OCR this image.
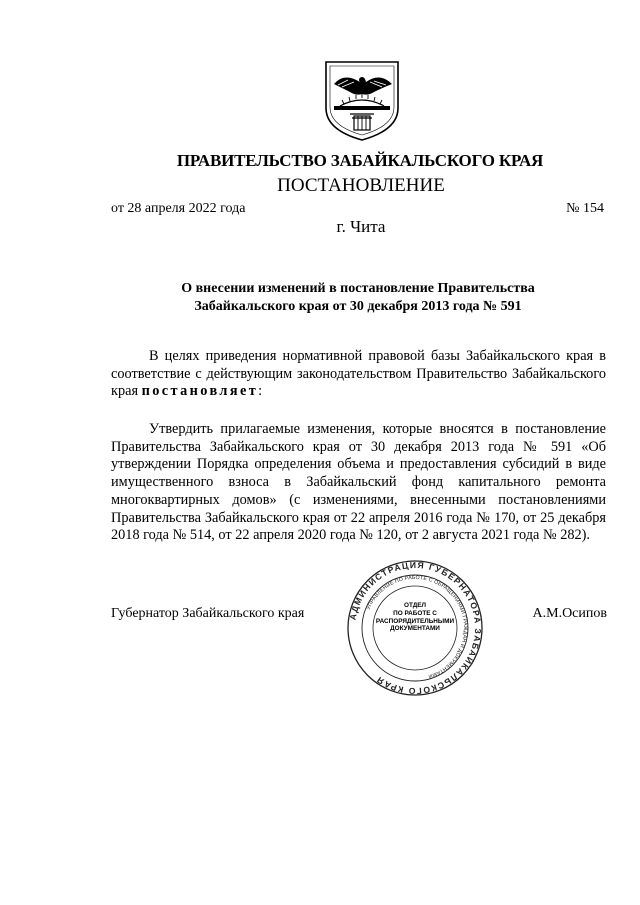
ПРАВИТЕЛЬСТВО ЗАБАЙКАЛЬСКОГО КРАЯ
ПОСТАНОВЛЕНИЕ
от 28 апреля 2022 года	№ 154
г. Чита
О внесении изменений в постановление Правительства
Забайкальского края от 30 декабря 2013 года № 591
В целях приведения нормативной правовой базы Забайкальского края в соответствие с действующим законодательством Правительство Забайкальского края постановляет:
Утвердить прилагаемые изменения, которые вносятся в постановление Правительства Забайкальского края от 30 декабря 2013 года № 591 «Об утверждении Порядка определения объема и предоставления субсидий в виде имущественного взноса в Забайкальский фонд капитального ремонта многоквартирных домов» (с изменениями, внесенными постановлениями Правительства Забайкальского края от 22 апреля 2016 года № 170, от 25 декабря 2018 года № 514, от 22 апреля 2020 года № 120, от 2 августа 2021 года № 282).
Губернатор Забайкальского края	А.М.Осипов
АДМИНИСТРАЦИЯ ГУБЕРНАТОРА ЗАБАЙКАЛЬСКОГО КРАЯ
УПРАВЛЕНИЕ ПО РАБОТЕ С ОБРАЩЕНИЯМИ ГРАЖДАН И ДОКУМЕНТАМИ
ОТДЕЛ
ПО РАБОТЕ С
РАСПОРЯДИТЕЛЬНЫМИ
ДОКУМЕНТАМИ
